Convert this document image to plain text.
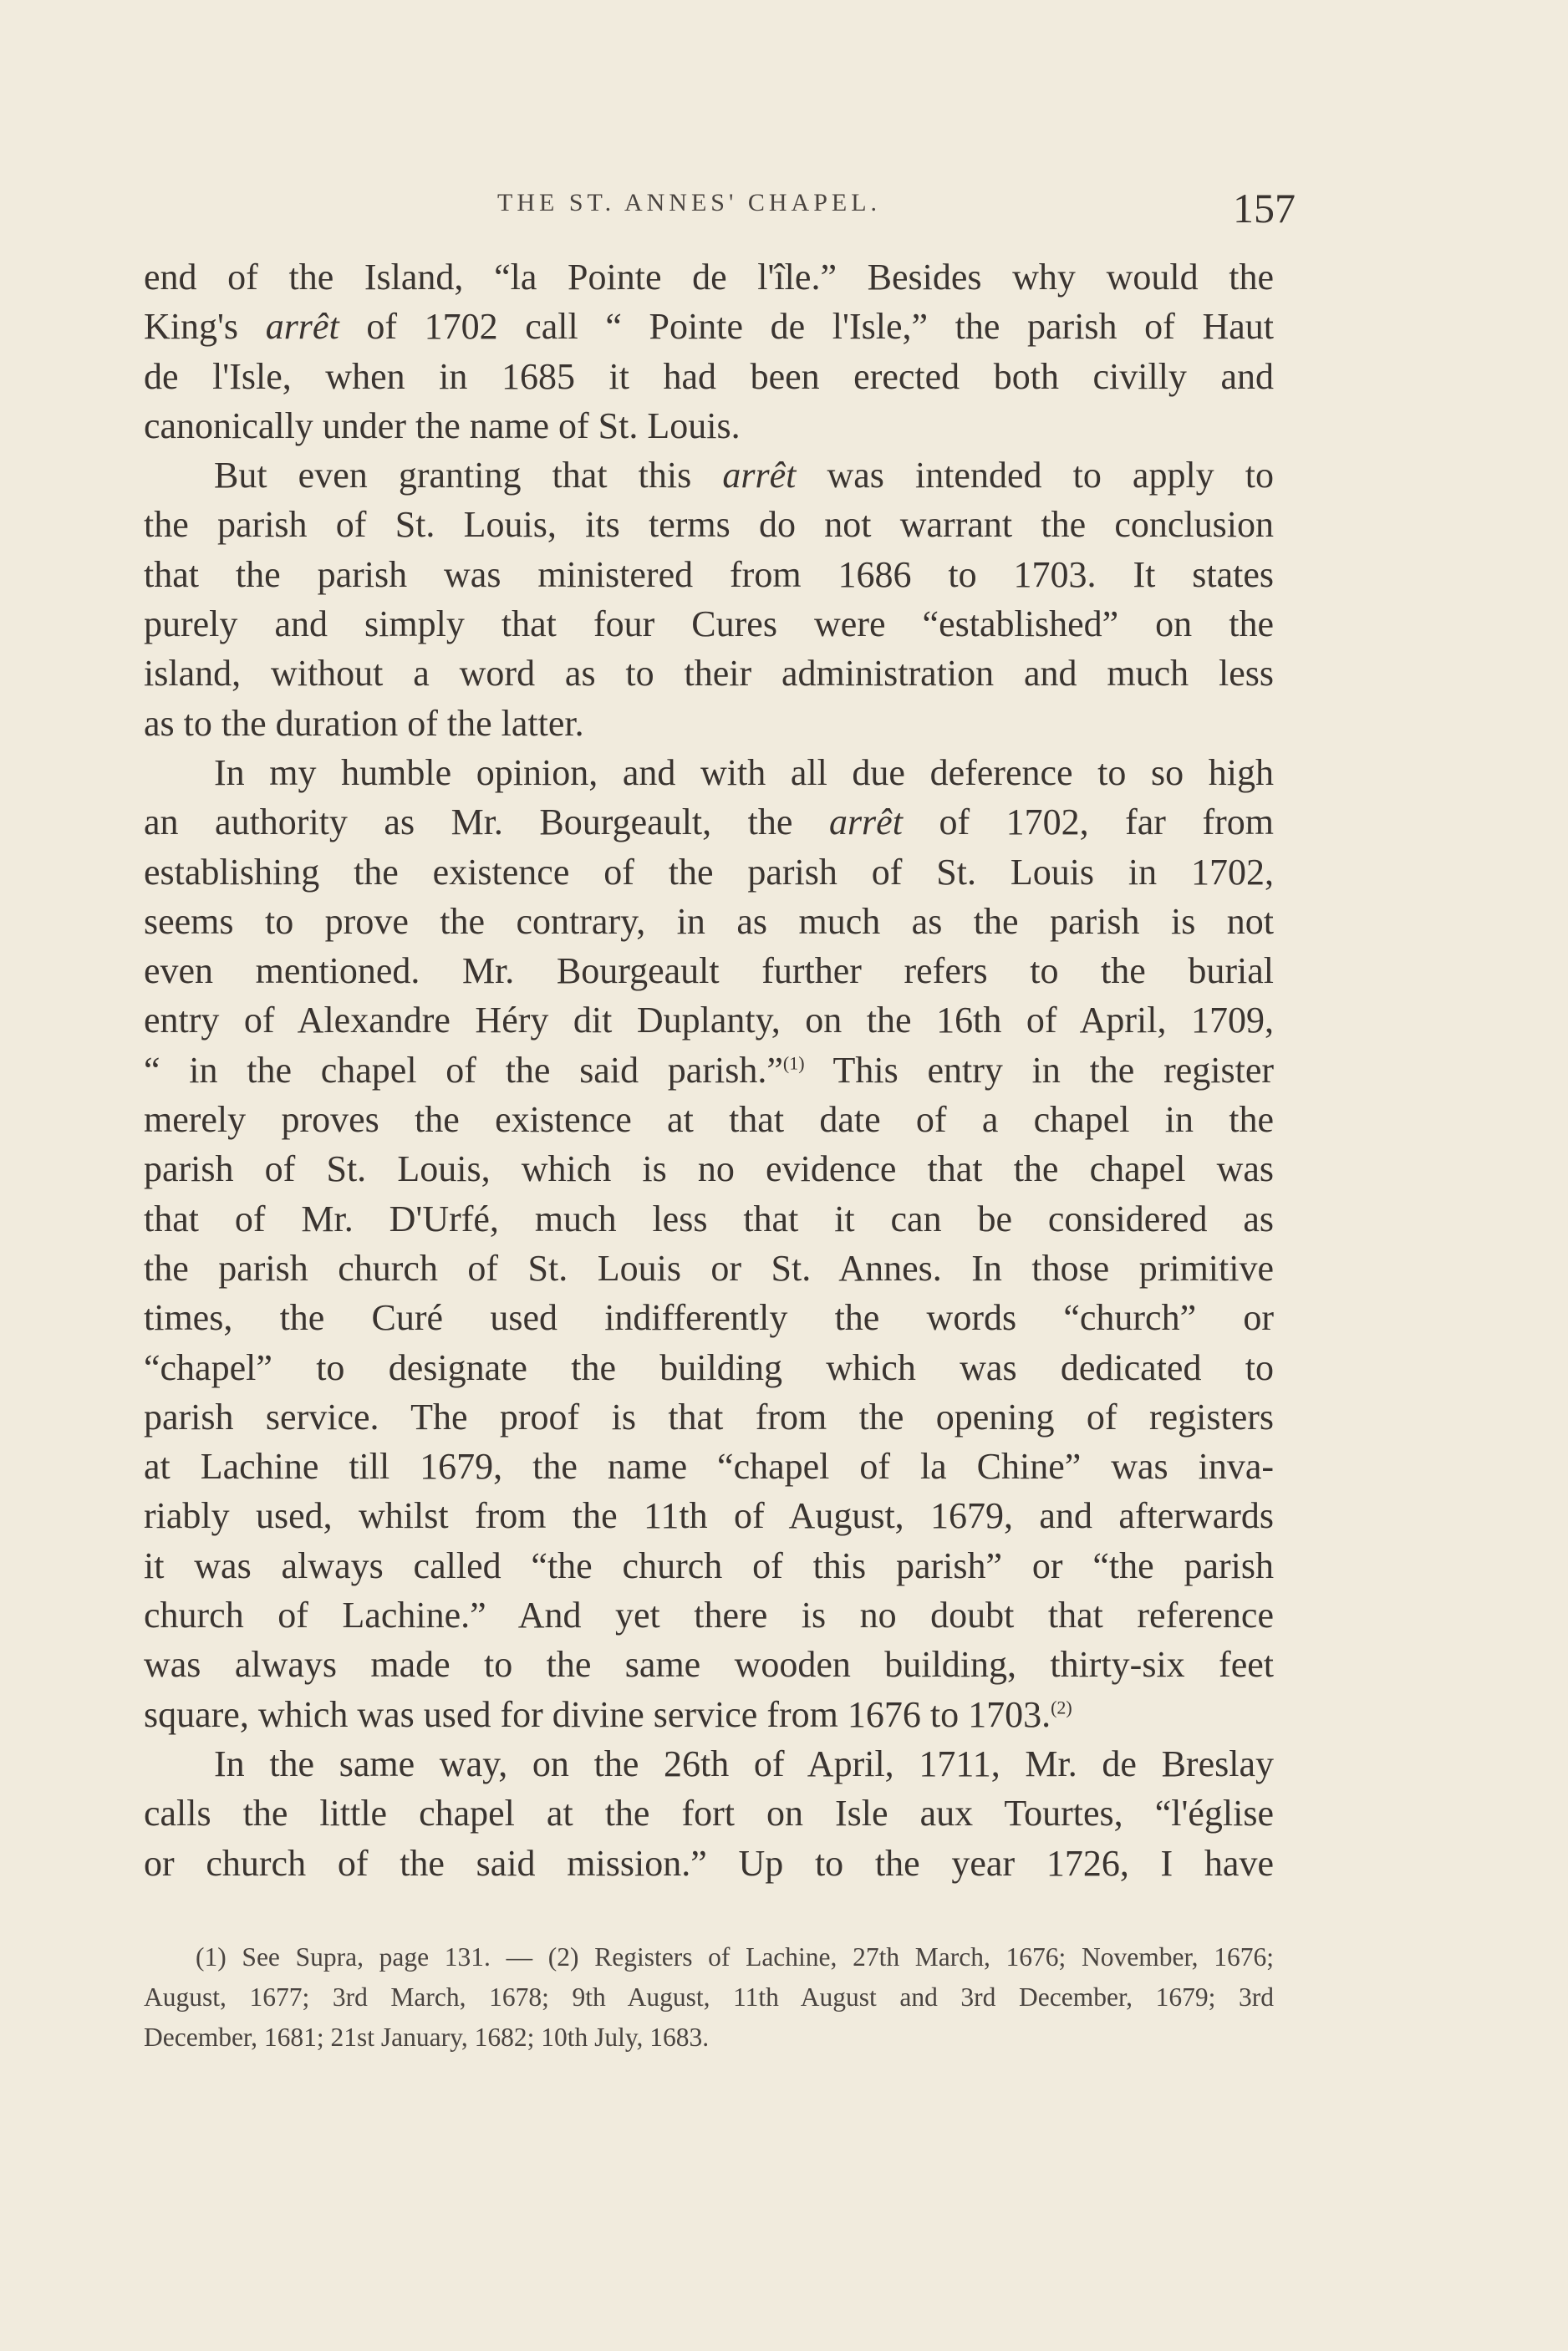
THE ST. ANNES' CHAPEL.	157
end of the Island, “la Pointe de l'île.” Besides why would the
King's arrêt of 1702 call “ Pointe de l'Isle,” the parish of Haut
de l'Isle, when in 1685 it had been erected both civilly and
canonically under the name of St. Louis.
But even granting that this arrêt was intended to apply to
the parish of St. Louis, its terms do not warrant the conclusion
that the parish was ministered from 1686 to 1703. It states
purely and simply that four Cures were “established” on the
island, without a word as to their administration and much less
as to the duration of the latter.
In my humble opinion, and with all due deference to so high
an authority as Mr. Bourgeault, the arrêt of 1702, far from
establishing the existence of the parish of St. Louis in 1702,
seems to prove the contrary, in as much as the parish is not
even mentioned. Mr. Bourgeault further refers to the burial
entry of Alexandre Héry dit Duplanty, on the 16th of April, 1709,
“ in the chapel of the said parish.”$^{(1)}$ This entry in the register
merely proves the existence at that date of a chapel in the
parish of St. Louis, which is no evidence that the chapel was
that of Mr. D'Urfé, much less that it can be considered as
the parish church of St. Louis or St. Annes. In those primitive
times, the Curé used indifferently the words “church” or
“chapel” to designate the building which was dedicated to
parish service. The proof is that from the opening of registers
at Lachine till 1679, the name “chapel of la Chine” was inva-
riably used, whilst from the 11th of August, 1679, and afterwards
it was always called “the church of this parish” or “the parish
church of Lachine.” And yet there is no doubt that reference
was always made to the same wooden building, thirty-six feet
square, which was used for divine service from 1676 to 1703.$^{(2)}$
In the same way, on the 26th of April, 1711, Mr. de Breslay
calls the little chapel at the fort on Isle aux Tourtes, “l'église
or church of the said mission.” Up to the year 1726, I have
(1) See Supra, page 131. — (2) Registers of Lachine, 27th March, 1676; November, 1676;
August, 1677; 3rd March, 1678; 9th August, 11th August and 3rd December, 1679; 3rd
December, 1681; 21st January, 1682; 10th July, 1683.
